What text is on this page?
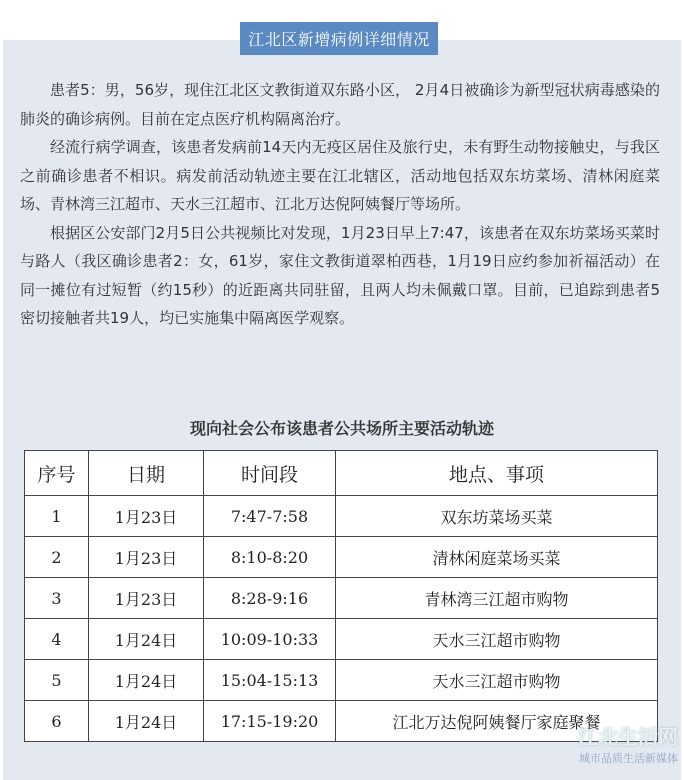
江北区新增病例详细情况

患者5：男，56岁，现住江北区文教街道双东路小区， 2月4日被确诊为新型冠状病毒感染的肺炎的确诊病例。目前在定点医疗机构隔离治疗。

经流行病学调查，该患者发病前14天内无疫区居住及旅行史，未有野生动物接触史，与我区之前确诊患者不相识。病发前活动轨迹主要在江北辖区，活动地包括双东坊菜场、清林闲庭菜场、青林湾三江超市、天水三江超市、江北万达倪阿姨餐厅等场所。

根据区公安部门2月5日公共视频比对发现，1月23日早上7:47，该患者在双东坊菜场买菜时与路人（我区确诊患者2：女，61岁，家住文教街道翠柏西巷，1月19日应约参加祈福活动）在同一摊位有过短暂（约15秒）的近距离共同驻留，且两人均未佩戴口罩。目前，已追踪到患者5密切接触者共19人，均已实施集中隔离医学观察。

现向社会公布该患者公共场所主要活动轨迹
序号	日期	时间段	地点、事项
1	1月23日	7:47-7:58	双东坊菜场买菜
2	1月23日	8:10-8:20	清林闲庭菜场买菜
3	1月23日	8:28-9:16	青林湾三江超市购物
4	1月24日	10:09-10:33	天水三江超市购物
5	1月24日	15:04-15:13	天水三江超市购物
6	1月24日	17:15-19:20	江北万达倪阿姨餐厅家庭聚餐
江北生活网
城市品质生活新媒体
